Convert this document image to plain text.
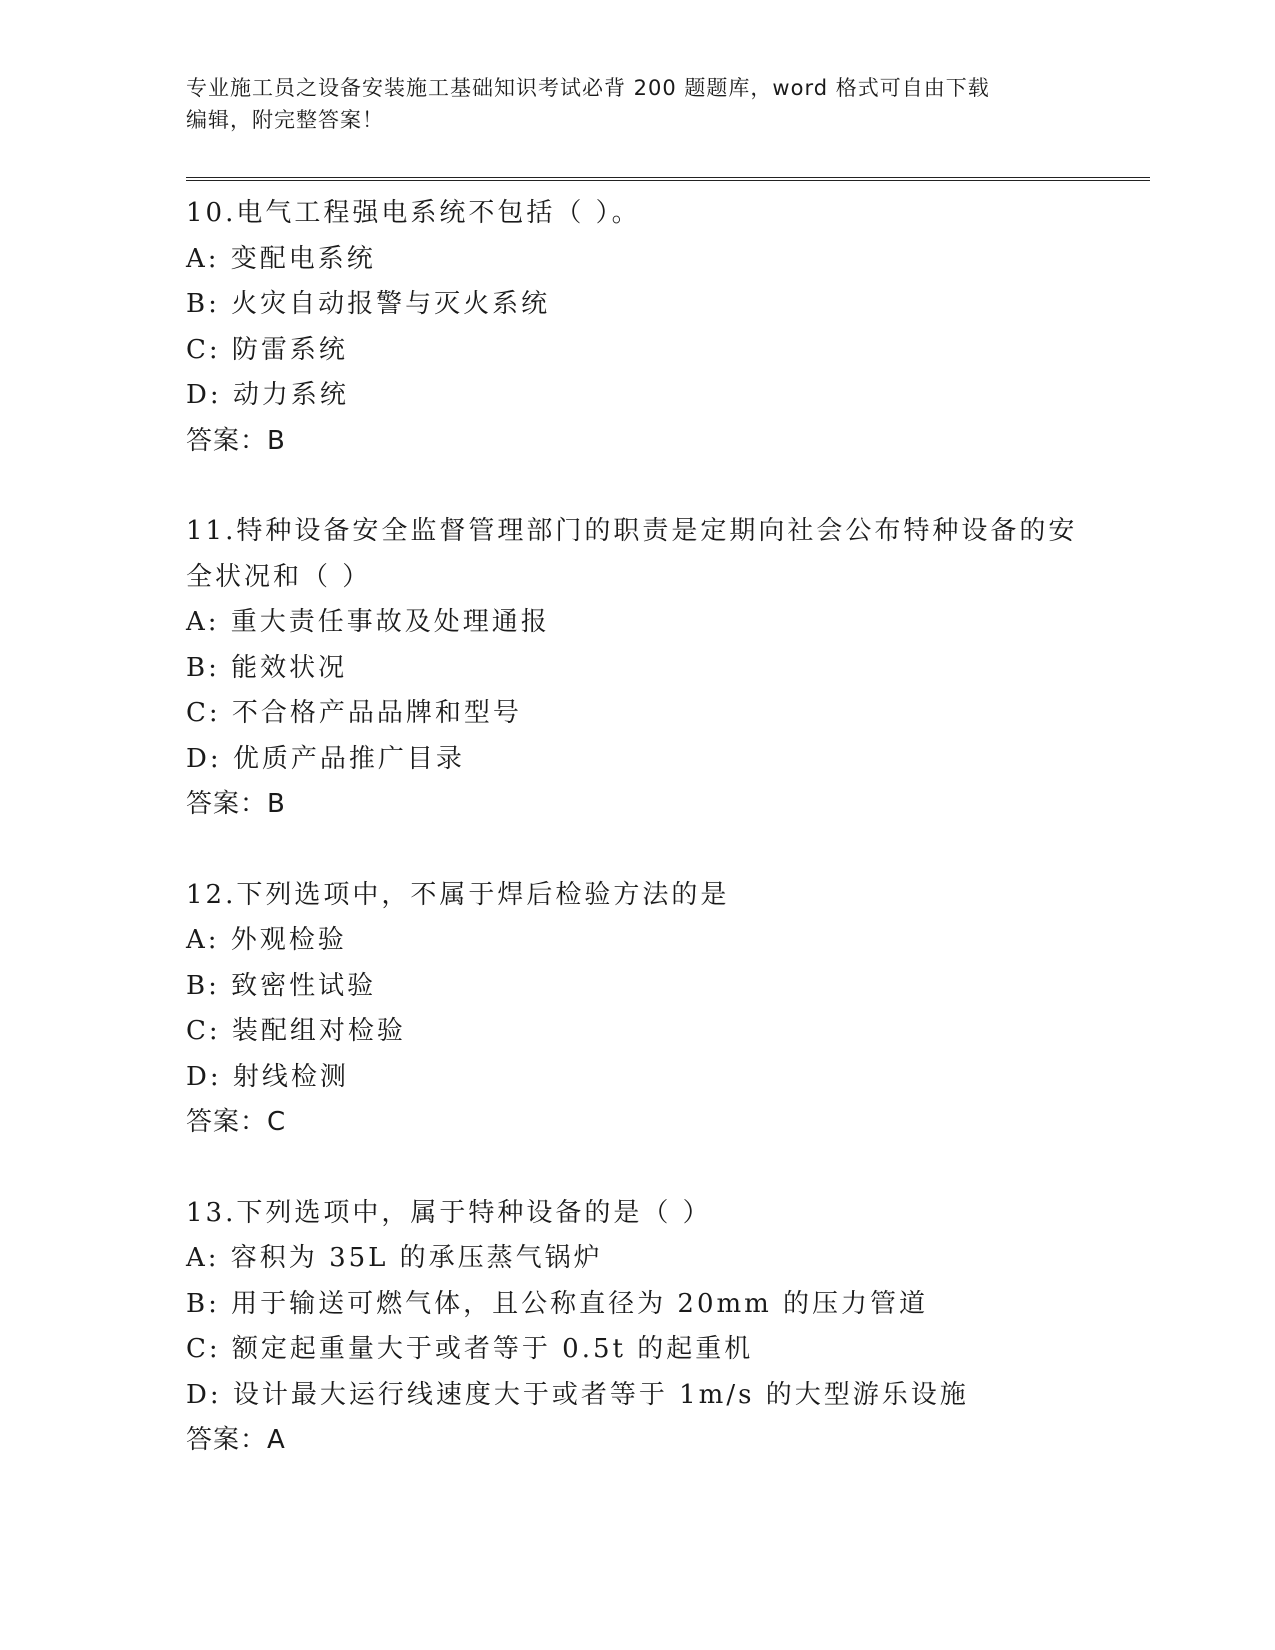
专业施工员之设备安装施工基础知识考试必背 200 题题库，word 格式可自由下载
编辑，附完整答案！
10.电气工程强电系统不包括（ ）。
A: 变配电系统
B: 火灾自动报警与灭火系统
C: 防雷系统
D: 动力系统
答案：B
11.特种设备安全监督管理部门的职责是定期向社会公布特种设备的安
全状况和（ ）
A: 重大责任事故及处理通报
B: 能效状况
C: 不合格产品品牌和型号
D: 优质产品推广目录
答案：B
12.下列选项中，不属于焊后检验方法的是
A: 外观检验
B: 致密性试验
C: 装配组对检验
D: 射线检测
答案：C
13.下列选项中，属于特种设备的是（ ）
A: 容积为 35L 的承压蒸气锅炉
B: 用于输送可燃气体，且公称直径为 20mm 的压力管道
C: 额定起重量大于或者等于 0.5t 的起重机
D: 设计最大运行线速度大于或者等于 1m/s 的大型游乐设施
答案：A
